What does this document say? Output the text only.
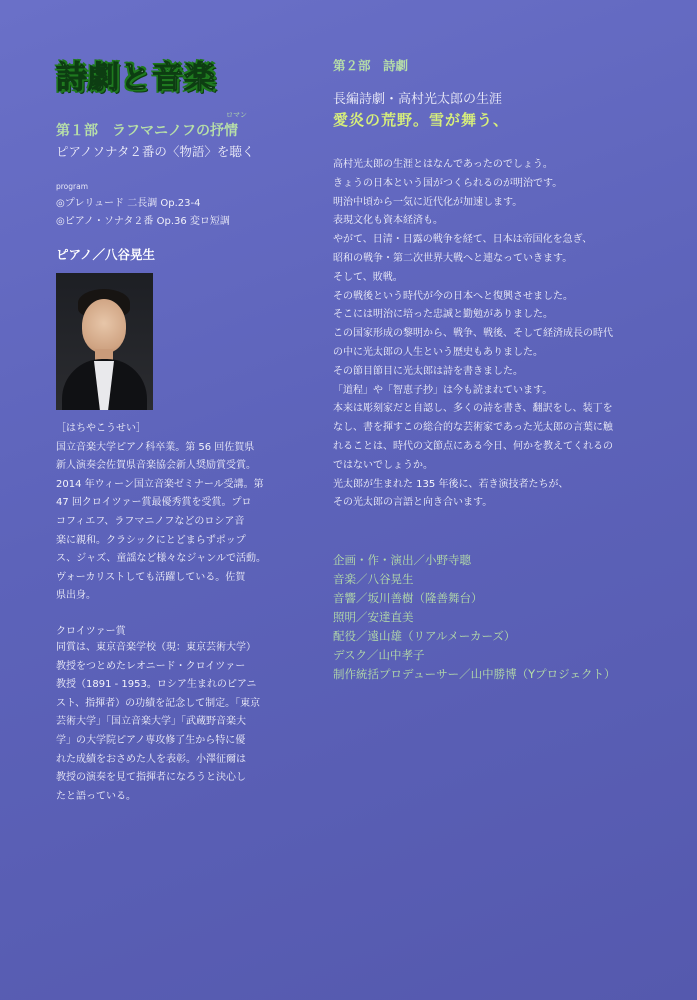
詩劇と音楽
第１部　ラフマニノフの抒情
ロマン
ピアノソナタ２番の〈物語〉を聴く
program
◎プレリュード 二長調 Op.23-4
◎ピアノ・ソナタ２番 Op.36 変ロ短調
ピアノ／八谷晃生
［はちやこうせい］
国立音楽大学ピアノ科卒業。第 56 回佐賀県
新人演奏会佐賀県音楽協会新人奨励賞受賞。
2014 年ウィーン国立音楽ゼミナール受講。第
47 回クロイツァー賞最優秀賞を受賞。プロ
コフィエフ、ラフマニノフなどのロシア音
楽に親和。クラシックにとどまらずポップ
ス、ジャズ、童謡など様々なジャンルで活動。
ヴォーカリストしても活躍している。佐賀
県出身。
クロイツァー賞
同賞は、東京音楽学校（現：東京芸術大学）
教授をつとめたレオニード・クロイツァー
教授（1891 - 1953。ロシア生まれのピアニ
スト、指揮者）の功績を記念して制定。「東京
芸術大学」「国立音楽大学」「武蔵野音楽大
学」の大学院ピアノ専攻修了生から特に優
れた成績をおさめた人を表彰。小澤征爾は
教授の演奏を見て指揮者になろうと決心し
たと語っている。
第２部　詩劇
長編詩劇・高村光太郎の生涯
愛炎の荒野。雪が舞う、
高村光太郎の生涯とはなんであったのでしょう。
きょうの日本という国がつくられるのが明治です。
明治中頃から一気に近代化が加速します。
表現文化も資本経済も。
やがて、日清・日露の戦争を経て、日本は帝国化を急ぎ、
昭和の戦争・第二次世界大戦へと連なっていきます。
そして、敗戦。
その戦後という時代が今の日本へと復興させました。
そこには明治に培った忠誠と勤勉がありました。
この国家形成の黎明から、戦争、戦後、そして経済成長の時代
の中に光太郎の人生という歴史もありました。
その節目節目に光太郎は詩を書きました。
「道程」や「智恵子抄」は今も読まれています。
本来は彫刻家だと自認し、多くの詩を書き、翻訳をし、装丁を
なし、書を揮すこの総合的な芸術家であった光太郎の言葉に触
れることは、時代の文節点にある今日、何かを教えてくれるの
ではないでしょうか。
光太郎が生まれた 135 年後に、若き演技者たちが、
その光太郎の言語と向き合います。
企画・作・演出／小野寺聰
音楽／八谷晃生
音響／坂川善樹（隆善舞台）
照明／安達直美
配役／遠山雄（リアルメーカーズ）
デスク／山中孝子
制作統括プロデューサー／山中勝博（Yプロジェクト）
